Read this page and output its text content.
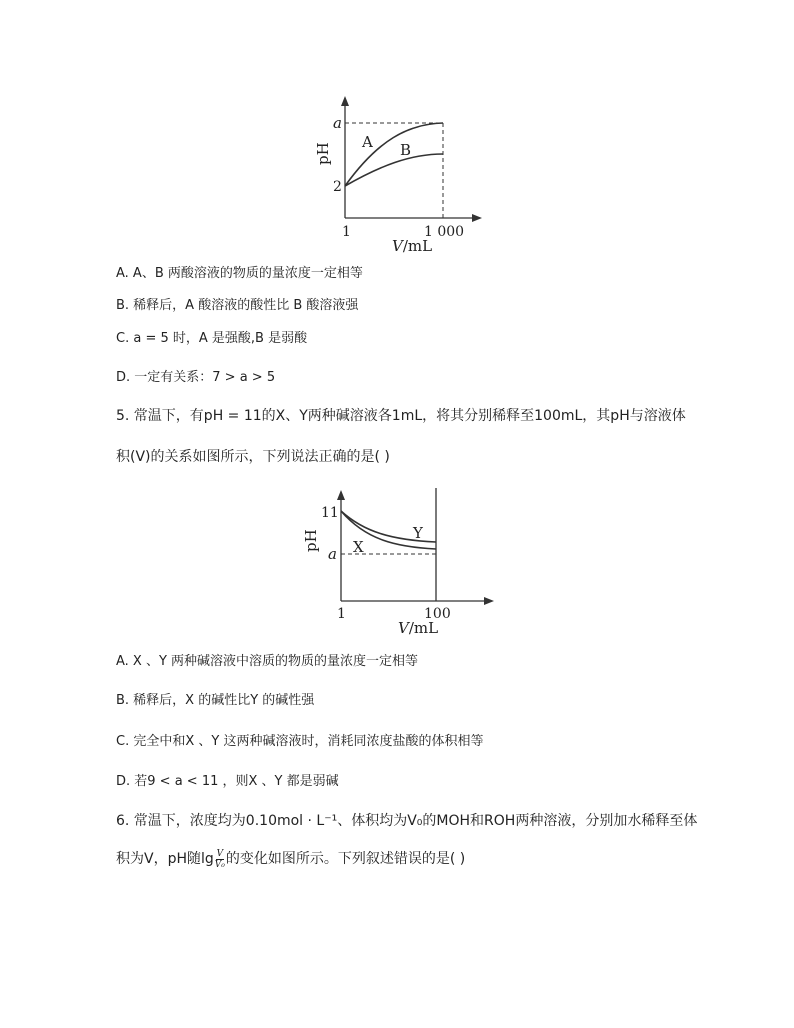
a
2
pH
A B
1	1 000
V/mL
A. A、B 两酸溶液的物质的量浓度一定相等
B. 稀释后，A 酸溶液的酸性比 B 酸溶液强
C. a = 5 时，A 是强酸,B 是弱酸
D. 一定有关系：7 > a > 5
5. 常温下，有pH = 11的X、Y两种碱溶液各1mL，将其分别稀释至100mL，其pH与溶液体
积(V)的关系如图所示，下列说法正确的是( )
11
a
pH X
Y
1	100
V/mL
A. X 、Y 两种碱溶液中溶质的物质的量浓度一定相等
B. 稀释后，X 的碱性比Y 的碱性强
C. 完全中和X 、Y 这两种碱溶液时，消耗同浓度盐酸的体积相等
D. 若9 < a < 11 ，则X 、Y 都是弱碱
6. 常温下，浓度均为0.10mol · L⁻¹、体积均为V₀的MOH和ROH两种溶液，分别加水稀释至体
积为V，pH随$\lg \frac{V}{\text{V₀}}$ 的变化如图所示。下列叙述错误的是( )
